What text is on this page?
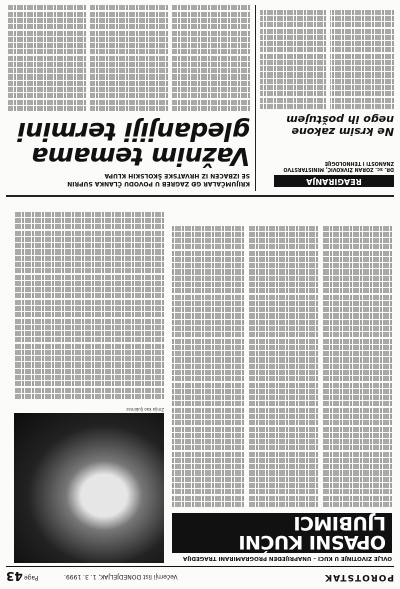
POROTSTAK
Večernji list DONEDJELJAK, 1. 3. 1999.
Page
43
OVLJE ZIVOTINJE U KUCI – UNAPRIJEĐEN PROGRAMIRANI TRAGEDIJA
OPASNI KUĆNI LJUBIMCI
Zmija kao ljubimac
REAGIRANJA
DR. sc. ZORAN ŽIVKOVIĆ, MINISTARSTVO ZNANOSTI I TEHNOLOGIJE
Ne krsim zakone nego ih poštujem
KRIJUMČALAR GĐ ZAGREB U POVODU ČLANKA SUPRIN
SE IZBACEN IZ HRVATSKE ŠKOLSKIH KLUPA
Važnim temama gledanjiji termini
